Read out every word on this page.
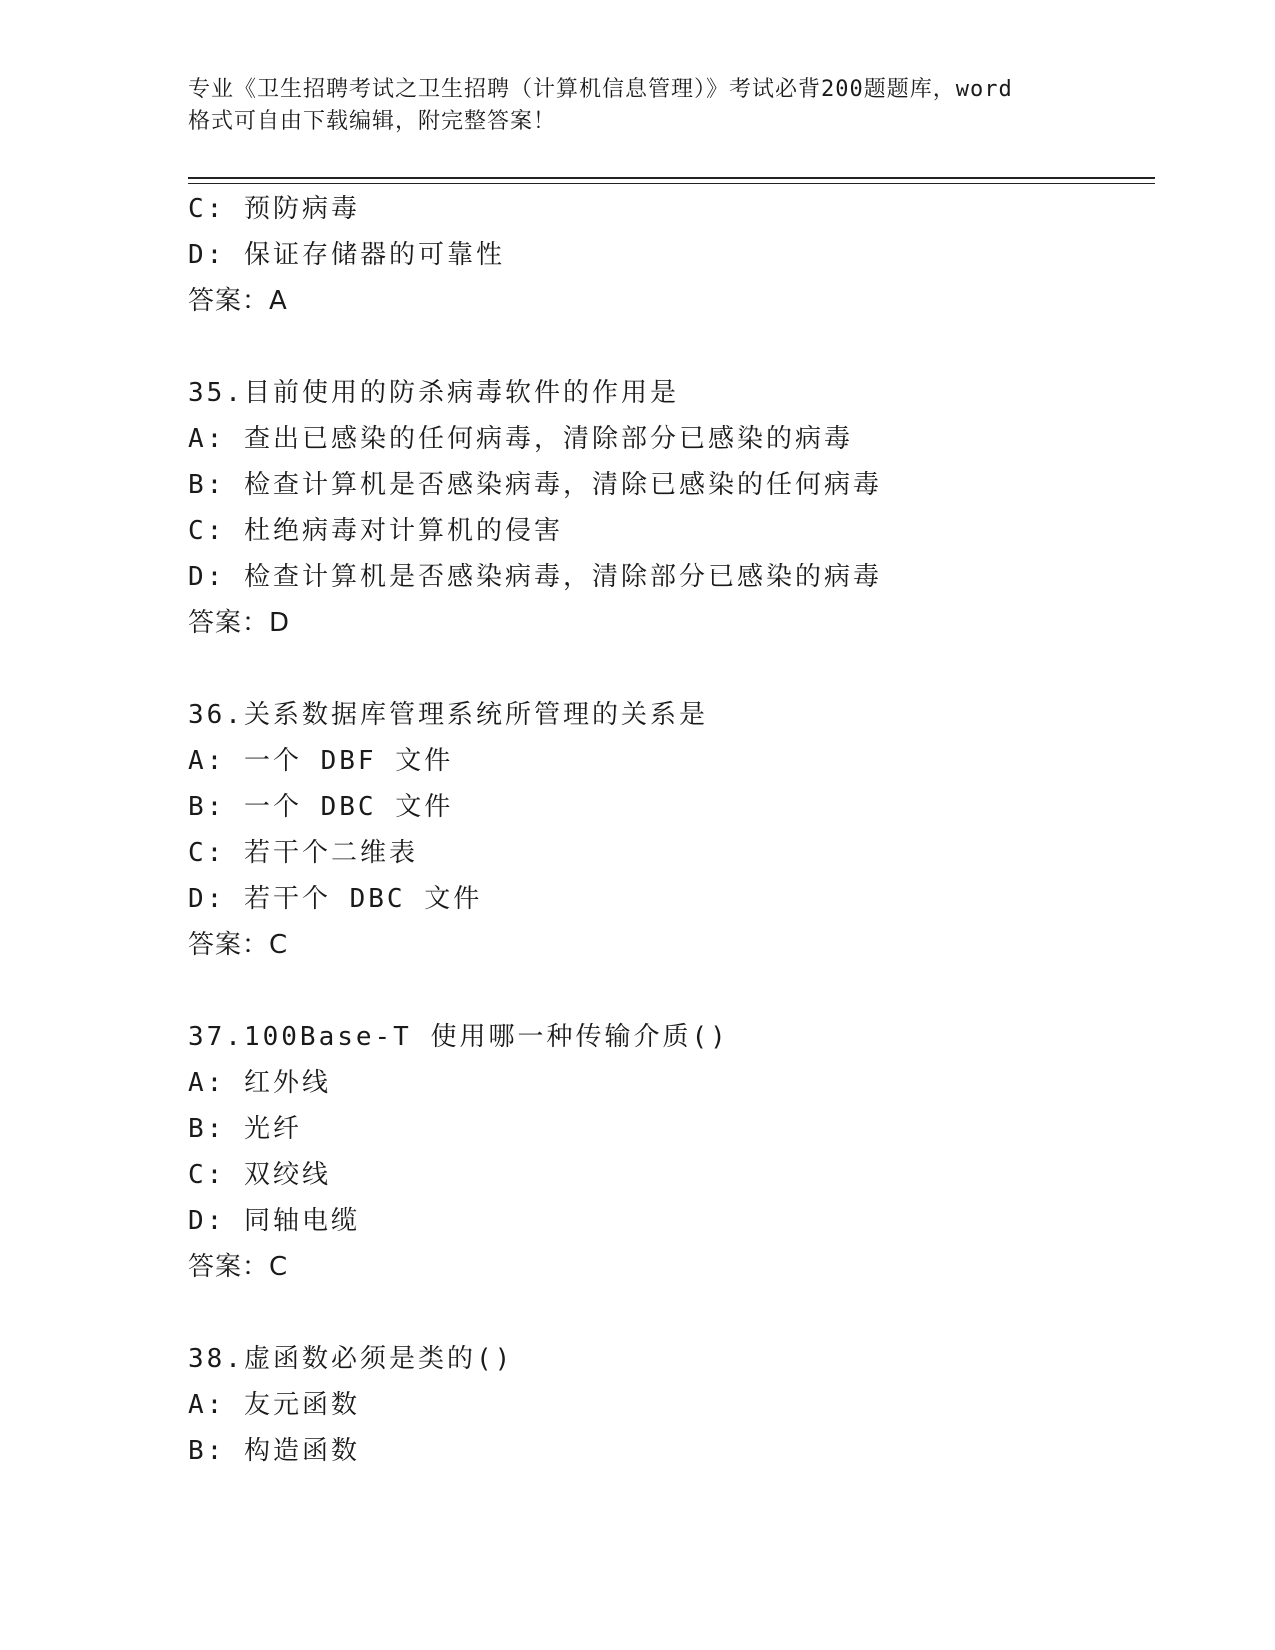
专业《卫生招聘考试之卫生招聘（计算机信息管理）》考试必背200题题库，word
格式可自由下载编辑，附完整答案！
C: 预防病毒
D: 保证存储器的可靠性
答案：A
35.目前使用的防杀病毒软件的作用是
A: 查出已感染的任何病毒，清除部分已感染的病毒
B: 检查计算机是否感染病毒，清除已感染的任何病毒
C: 杜绝病毒对计算机的侵害
D: 检查计算机是否感染病毒，清除部分已感染的病毒
答案：D
36.关系数据库管理系统所管理的关系是
A: 一个 DBF 文件
B: 一个 DBC 文件
C: 若干个二维表
D: 若干个 DBC 文件
答案：C
37.100Base-T 使用哪一种传输介质()
A: 红外线
B: 光纤
C: 双绞线
D: 同轴电缆
答案：C
38.虚函数必须是类的()
A: 友元函数
B: 构造函数
